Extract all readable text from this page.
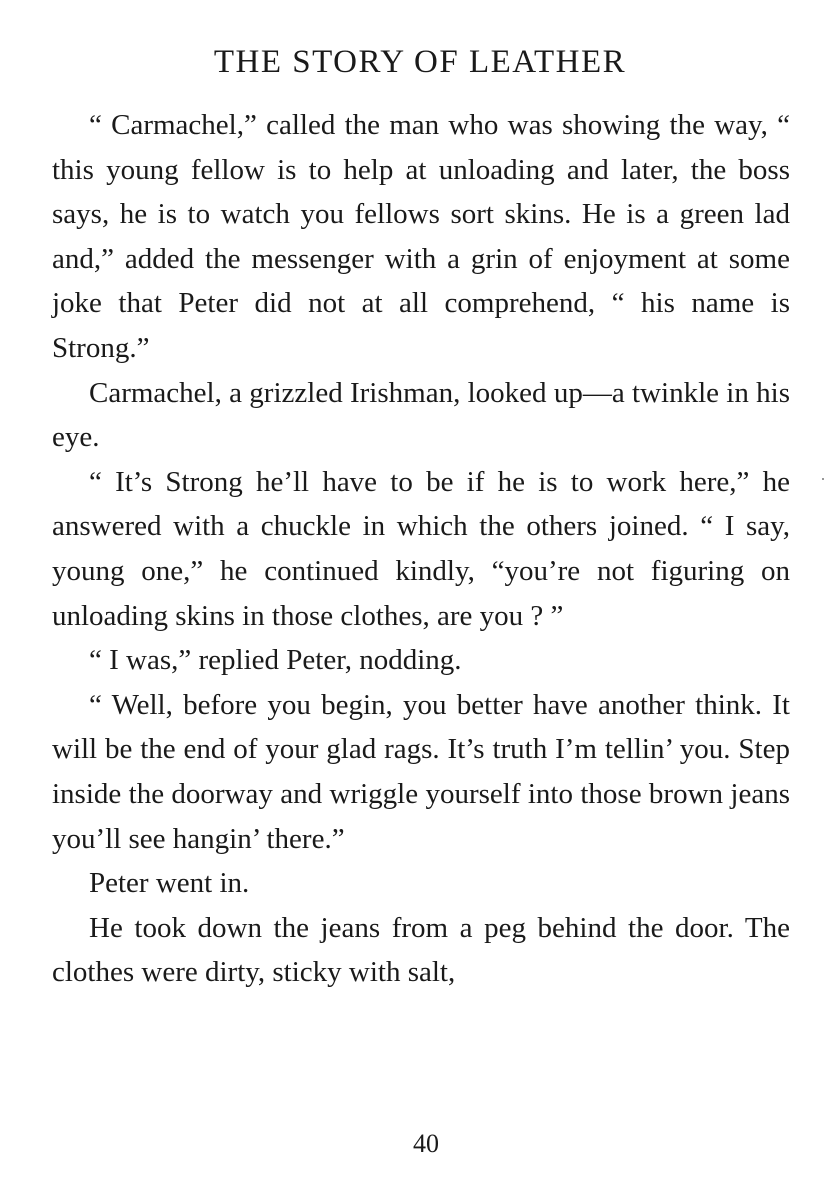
THE STORY OF LEATHER

“ Carmachel,” called the man who was showing the way, “ this young fellow is to help at unloading and later, the boss says, he is to watch you fellows sort skins. He is a green lad and,” added the messenger with a grin of enjoyment at some joke that Peter did not at all comprehend, “ his name is Strong.”

Carmachel, a grizzled Irishman, looked up—a twinkle in his eye.

“ It’s Strong he’ll have to be if he is to work here,” he answered with a chuckle in which the others joined. “ I say, young one,” he continued kindly, “you’re not figuring on unloading skins in those clothes, are you ? ”

“ I was,” replied Peter, nodding.

“ Well, before you begin, you better have another think. It will be the end of your glad rags. It’s truth I’m tellin’ you. Step inside the doorway and wriggle yourself into those brown jeans you’ll see hangin’ there.”

Peter went in.

He took down the jeans from a peg behind the door. The clothes were dirty, sticky with salt,

40
